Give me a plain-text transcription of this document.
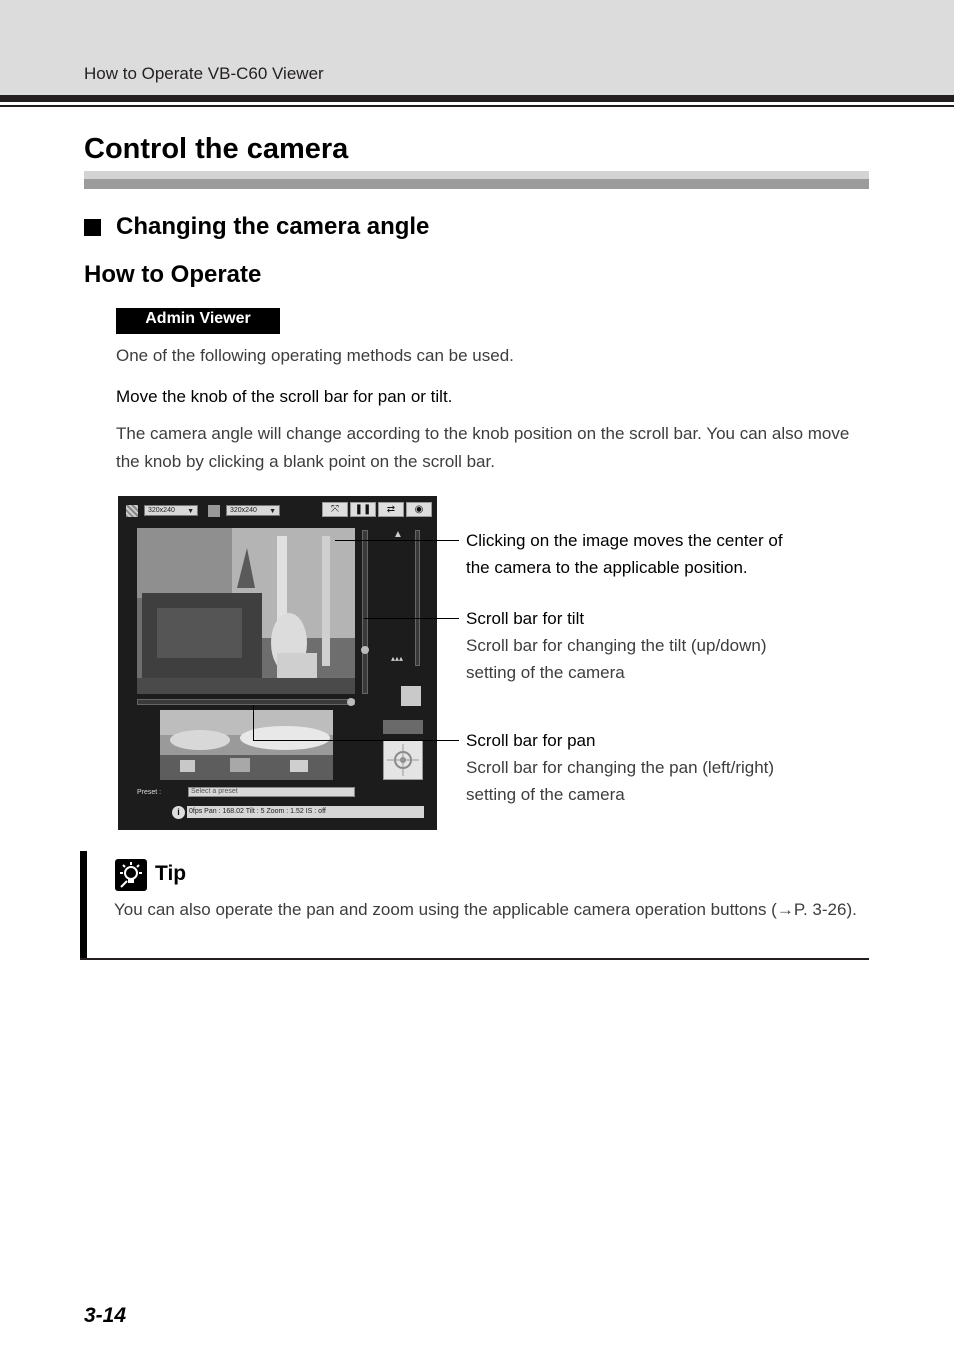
How to Operate VB-C60 Viewer
Control the camera
Changing the camera angle
How to Operate
Admin Viewer

One of the following operating methods can be used.

Move the knob of the scroll bar for pan or tilt.

The camera angle will change according to the knob position on the scroll bar. You can also move the knob by clicking a blank point on the scroll bar.

320x240 ▼	320x240 ▼	⤧	❚❚	⇄	◉
▲
▴▴▴
Preset :	Select a preset
i	0fps Pan : 168.02 Tilt : 5 Zoom : 1.52 IS : off
Clicking on the image moves the center of
the camera to the applicable position.
Scroll bar for tilt
Scroll bar for changing the tilt (up/down)
setting of the camera
Scroll bar for pan
Scroll bar for changing the pan (left/right)
setting of the camera
Tip

You can also operate the pan and zoom using the applicable camera operation buttons (→P. 3-26).

3-14
